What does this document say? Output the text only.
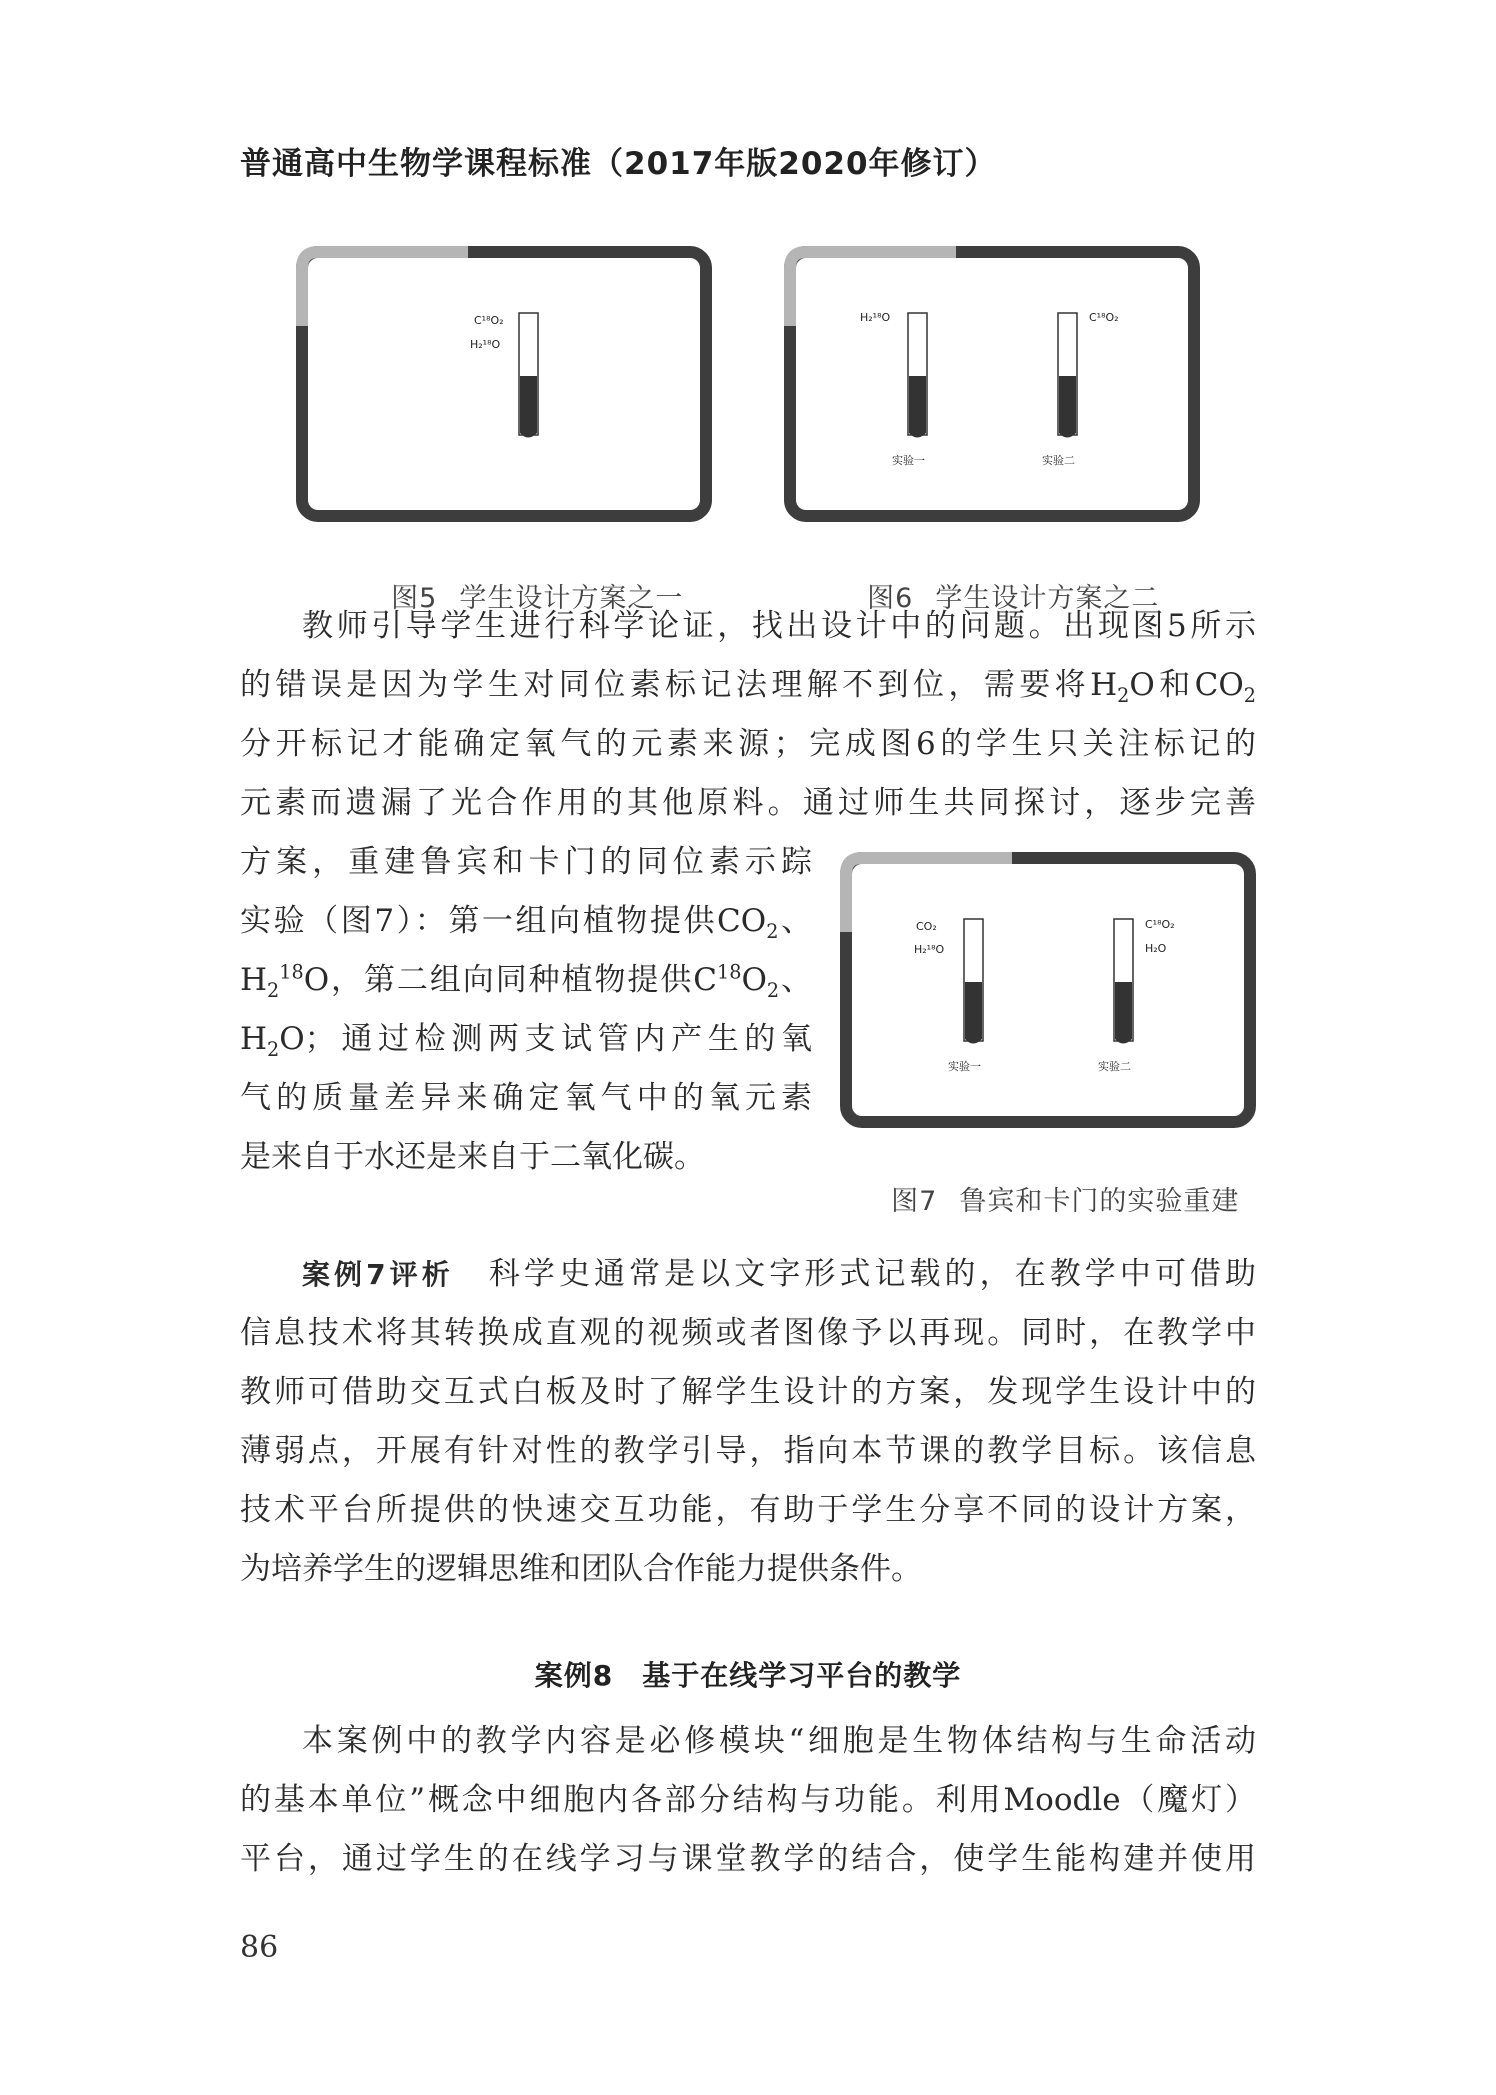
普通高中生物学课程标准（2017年版2020年修订）
C¹⁸O₂
H₂¹⁸O

图5 学生设计方案之一

H₂¹⁸O	C¹⁸O₂
实验一	实验二

图6 学生设计方案之二

教师引导学生进行科学论证，找出设计中的问题。出现图5所示
的错误是因为学生对同位素标记法理解不到位，需要将$H_2O$和$CO_2$
分开标记才能确定氧气的元素来源；完成图6的学生只关注标记的
元素而遗漏了光合作用的其他原料。通过师生共同探讨，逐步完善
方案，重建鲁宾和卡门的同位素示踪
实验（图7）：第一组向植物提供$CO_2$、
$H_2^{18}O$，第二组向同种植物提供$C^{18}O_2$、
$H_2O$；通过检测两支试管内产生的氧
气的质量差异来确定氧气中的氧元素
是来自于水还是来自于二氧化碳。
CO₂
H₂¹⁸O
C¹⁸O₂
H₂O
实验一	实验二

图7 鲁宾和卡门的实验重建

案例7评析　 科学史通常是以文字形式记载的，在教学中可借助
信息技术将其转换成直观的视频或者图像予以再现。同时，在教学中
教师可借助交互式白板及时了解学生设计的方案，发现学生设计中的
薄弱点，开展有针对性的教学引导，指向本节课的教学目标。该信息
技术平台所提供的快速交互功能，有助于学生分享不同的设计方案，
为培养学生的逻辑思维和团队合作能力提供条件。
案例8　基于在线学习平台的教学
本案例中的教学内容是必修模块“细胞是生物体结构与生命活动
的基本单位”概念中细胞内各部分结构与功能。利用Moodle（魔灯）
平台，通过学生的在线学习与课堂教学的结合，使学生能构建并使用
86
